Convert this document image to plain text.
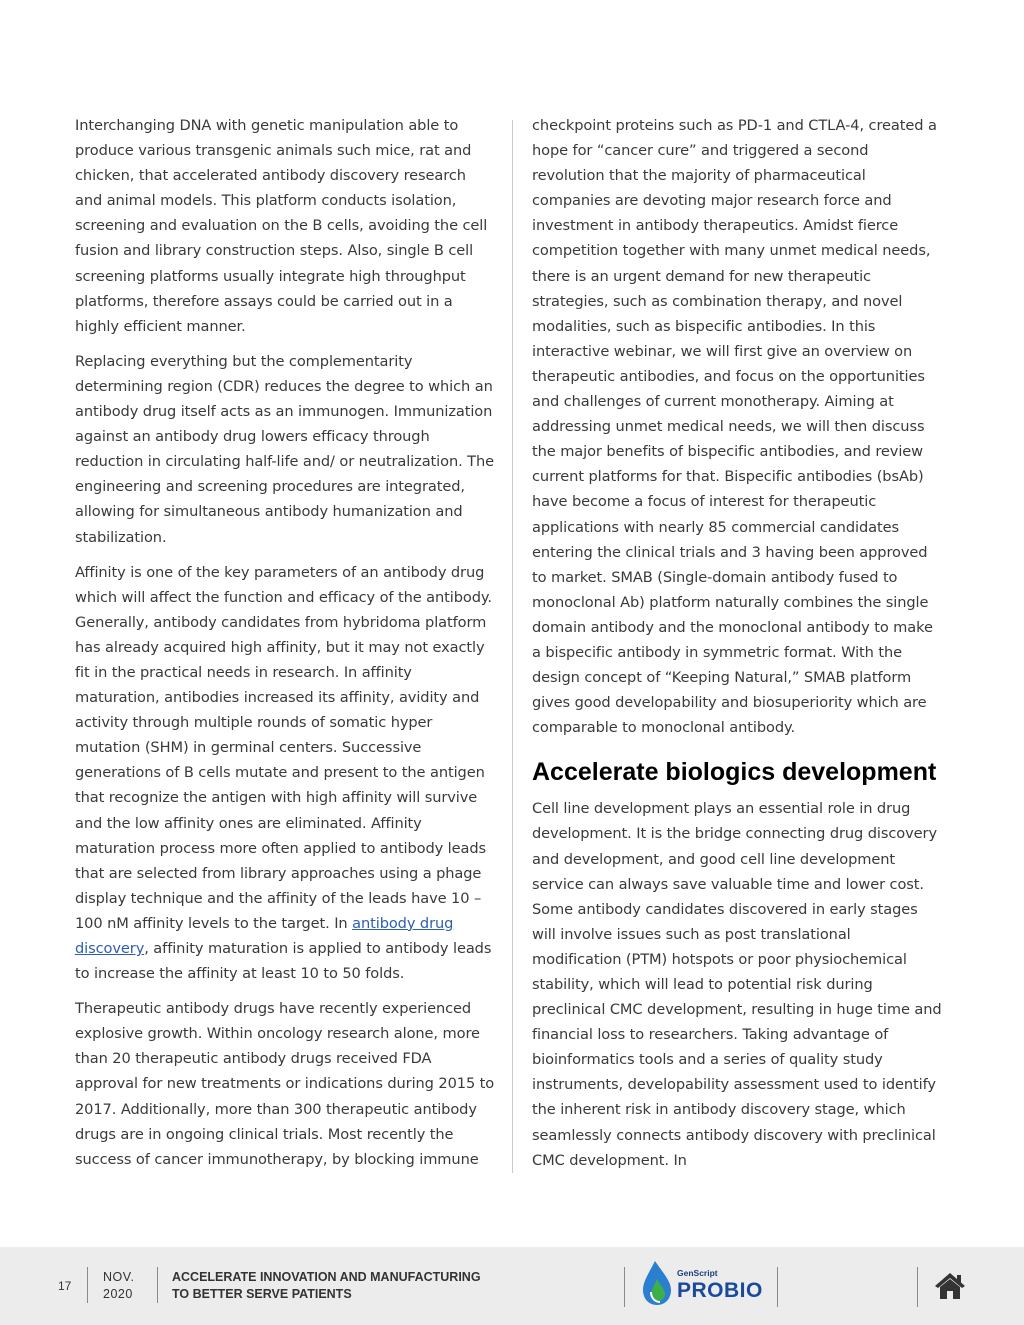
Interchanging DNA with genetic manipulation able to produce various transgenic animals such mice, rat and chicken, that accelerated antibody discovery research and animal models. This platform conducts isolation, screening and evaluation on the B cells, avoiding the cell fusion and library construction steps. Also, single B cell screening platforms usually integrate high throughput platforms, therefore assays could be carried out in a highly efficient manner.

Replacing everything but the complementarity determining region (CDR) reduces the degree to which an antibody drug itself acts as an immunogen. Immunization against an antibody drug lowers efficacy through reduction in circulating half-life and/ or neutralization. The engineering and screening procedures are integrated, allowing for simultaneous antibody humanization and stabilization.

Affinity is one of the key parameters of an antibody drug which will affect the function and efficacy of the antibody. Generally, antibody candidates from hybridoma platform has already acquired high affinity, but it may not exactly fit in the practical needs in research. In affinity maturation, antibodies increased its affinity, avidity and activity through multiple rounds of somatic hyper mutation (SHM) in germinal centers. Successive generations of B cells mutate and present to the antigen that recognize the antigen with high affinity will survive and the low affinity ones are eliminated. Affinity maturation process more often applied to antibody leads that are selected from library approaches using a phage display technique and the affinity of the leads have 10 – 100 nM affinity levels to the target. In antibody drug discovery, affinity maturation is applied to antibody leads to increase the affinity at least 10 to 50 folds.

Therapeutic antibody drugs have recently experienced explosive growth. Within oncology research alone, more than 20 therapeutic antibody drugs received FDA approval for new treatments or indications during 2015 to 2017. Additionally, more than 300 therapeutic antibody drugs are in ongoing clinical trials. Most recently the success of cancer immunotherapy, by blocking immune

checkpoint proteins such as PD-1 and CTLA-4, created a hope for “cancer cure” and triggered a second revolution that the majority of pharmaceutical companies are devoting major research force and investment in antibody therapeutics. Amidst fierce competition together with many unmet medical needs, there is an urgent demand for new therapeutic strategies, such as combination therapy, and novel modalities, such as bispecific antibodies. In this interactive webinar, we will first give an overview on therapeutic antibodies, and focus on the opportunities and challenges of current monotherapy. Aiming at addressing unmet medical needs, we will then discuss the major benefits of bispecific antibodies, and review current platforms for that. Bispecific antibodies (bsAb) have become a focus of interest for therapeutic applications with nearly 85 commercial candidates entering the clinical trials and 3 having been approved to market. SMAB (Single-domain antibody fused to monoclonal Ab) platform naturally combines the single domain antibody and the monoclonal antibody to make a bispecific antibody in symmetric format. With the design concept of “Keeping Natural,” SMAB platform gives good developability and biosuperiority which are comparable to monoclonal antibody.

Accelerate biologics development

Cell line development plays an essential role in drug development. It is the bridge connecting drug discovery and development, and good cell line development service can always save valuable time and lower cost. Some antibody candidates discovered in early stages will involve issues such as post translational modification (PTM) hotspots or poor physiochemical stability, which will lead to potential risk during preclinical CMC development, resulting in huge time and financial loss to researchers. Taking advantage of bioinformatics tools and a series of quality study instruments, developability assessment used to identify the inherent risk in antibody discovery stage, which seamlessly connects antibody discovery with preclinical CMC development. In

17
NOV.
2020
ACCELERATE INNOVATION AND MANUFACTURING
TO BETTER SERVE PATIENTS
GenScript
PROBIO
